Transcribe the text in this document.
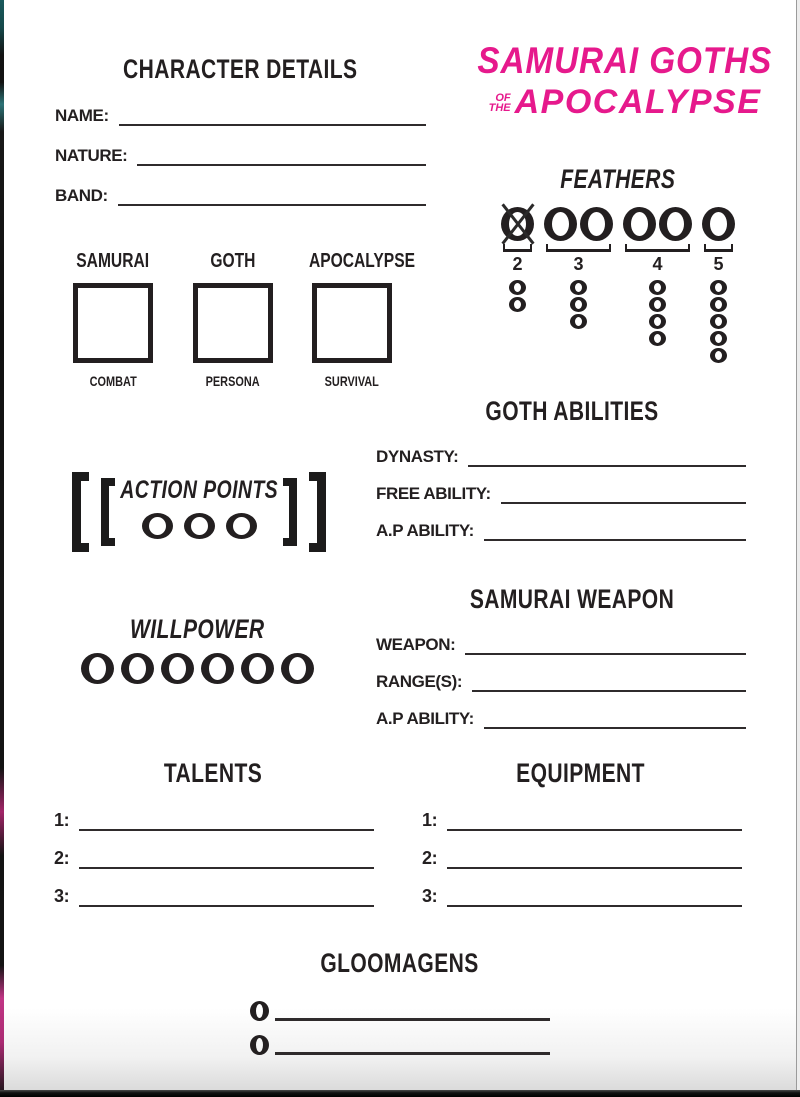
CHARACTER DETAILS
NAME:
NATURE:
BAND:
SAMURAI GOTHS
OF
THE APOCALYPSE
FEATHERS
2	3	4	5
SAMURAI
COMBAT
GOTH
PERSONA
APOCALYPSE
SURVIVAL
GOTH ABILITIES
DYNASTY:
FREE ABILITY:
A.P ABILITY:
ACTION POINTS
SAMURAI WEAPON
WEAPON:
RANGE(S):
A.P ABILITY:
WILLPOWER
TALENTS
1:
2:
3:
EQUIPMENT
1:
2:
3:
GLOOMAGENS
